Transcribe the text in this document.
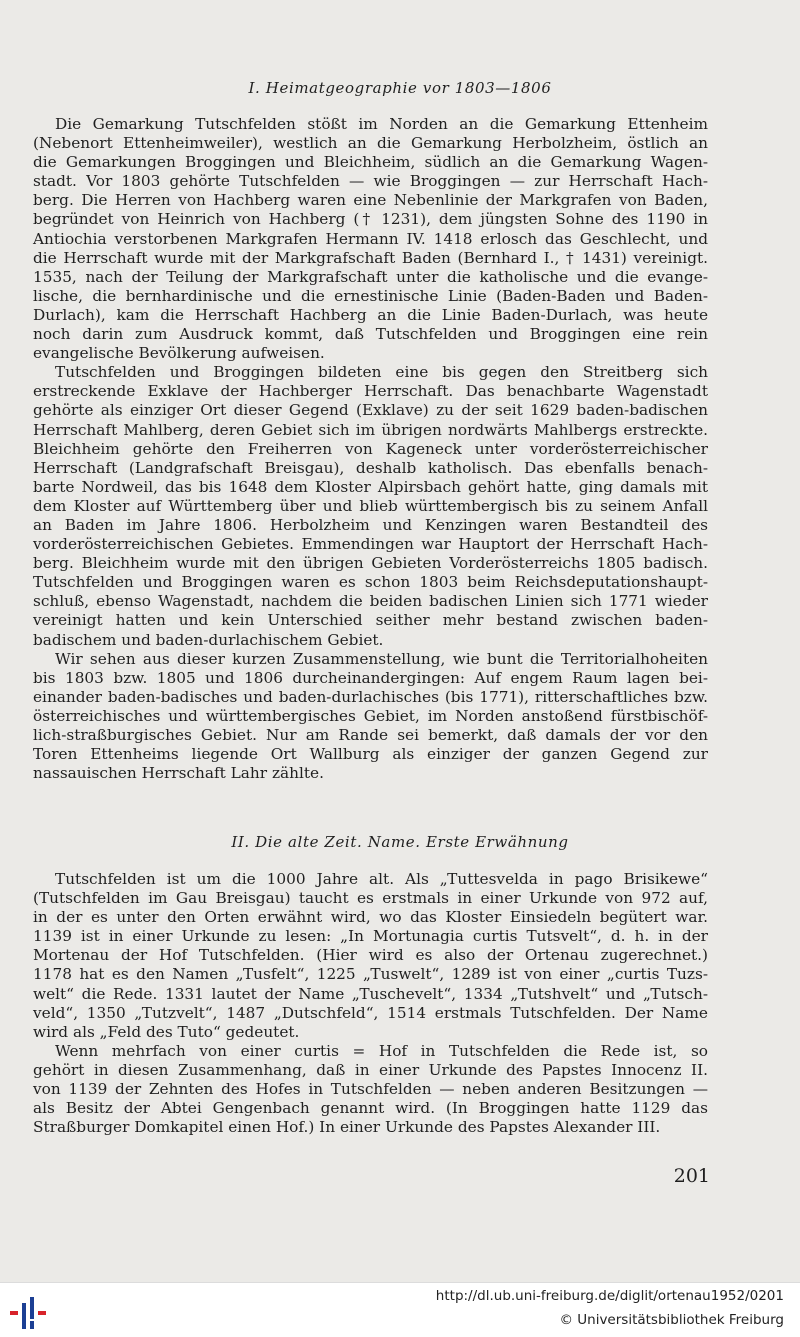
I. Heimatgeographie vor 1803—1806
Die Gemarkung Tutschfelden stößt im Norden an die Gemarkung Ettenheim
(Nebenort Ettenheimweiler), westlich an die Gemarkung Herbolzheim, östlich an
die Gemarkungen Broggingen und Bleichheim, südlich an die Gemarkung Wagen-
stadt. Vor 1803 gehörte Tutschfelden — wie Broggingen — zur Herrschaft Hach-
berg. Die Herren von Hachberg waren eine Nebenlinie der Markgrafen von Baden,
begründet von Heinrich von Hachberg († 1231), dem jüngsten Sohne des 1190 in
Antiochia verstorbenen Markgrafen Hermann IV. 1418 erlosch das Geschlecht, und
die Herrschaft wurde mit der Markgrafschaft Baden (Bernhard I., † 1431) vereinigt.
1535, nach der Teilung der Markgrafschaft unter die katholische und die evange-
lische, die bernhardinische und die ernestinische Linie (Baden-Baden und Baden-
Durlach), kam die Herrschaft Hachberg an die Linie Baden-Durlach, was heute
noch darin zum Ausdruck kommt, daß Tutschfelden und Broggingen eine rein
evangelische Bevölkerung aufweisen.
Tutschfelden und Broggingen bildeten eine bis gegen den Streitberg sich
erstreckende Exklave der Hachberger Herrschaft. Das benachbarte Wagenstadt
gehörte als einziger Ort dieser Gegend (Exklave) zu der seit 1629 baden-badischen
Herrschaft Mahlberg, deren Gebiet sich im übrigen nordwärts Mahlbergs erstreckte.
Bleichheim gehörte den Freiherren von Kageneck unter vorderösterreichischer
Herrschaft (Landgrafschaft Breisgau), deshalb katholisch. Das ebenfalls benach-
barte Nordweil, das bis 1648 dem Kloster Alpirsbach gehört hatte, ging damals mit
dem Kloster auf Württemberg über und blieb württembergisch bis zu seinem Anfall
an Baden im Jahre 1806. Herbolzheim und Kenzingen waren Bestandteil des
vorderösterreichischen Gebietes. Emmendingen war Hauptort der Herrschaft Hach-
berg. Bleichheim wurde mit den übrigen Gebieten Vorderösterreichs 1805 badisch.
Tutschfelden und Broggingen waren es schon 1803 beim Reichsdeputationshaupt-
schluß, ebenso Wagenstadt, nachdem die beiden badischen Linien sich 1771 wieder
vereinigt hatten und kein Unterschied seither mehr bestand zwischen baden-
badischem und baden-durlachischem Gebiet.
Wir sehen aus dieser kurzen Zusammenstellung, wie bunt die Territorialhoheiten
bis 1803 bzw. 1805 und 1806 durcheinandergingen: Auf engem Raum lagen bei-
einander baden-badisches und baden-durlachisches (bis 1771), ritterschaftliches bzw.
österreichisches und württembergisches Gebiet, im Norden anstoßend fürstbischöf-
lich-straßburgisches Gebiet. Nur am Rande sei bemerkt, daß damals der vor den
Toren Ettenheims liegende Ort Wallburg als einziger der ganzen Gegend zur
nassauischen Herrschaft Lahr zählte.
II. Die alte Zeit. Name. Erste Erwähnung
Tutschfelden ist um die 1000 Jahre alt. Als „Tuttesvelda in pago Brisikewe“
(Tutschfelden im Gau Breisgau) taucht es erstmals in einer Urkunde von 972 auf,
in der es unter den Orten erwähnt wird, wo das Kloster Einsiedeln begütert war.
1139 ist in einer Urkunde zu lesen: „In Mortunagia curtis Tutsvelt“, d. h. in der
Mortenau der Hof Tutschfelden. (Hier wird es also der Ortenau zugerechnet.)
1178 hat es den Namen „Tusfelt“, 1225 „Tuswelt“, 1289 ist von einer „curtis Tuzs-
welt“ die Rede. 1331 lautet der Name „Tuschevelt“, 1334 „Tutshvelt“ und „Tutsch-
veld“, 1350 „Tutzvelt“, 1487 „Dutschfeld“, 1514 erstmals Tutschfelden. Der Name
wird als „Feld des Tuto“ gedeutet.
Wenn mehrfach von einer curtis = Hof in Tutschfelden die Rede ist, so
gehört in diesen Zusammenhang, daß in einer Urkunde des Papstes Innocenz II.
von 1139 der Zehnten des Hofes in Tutschfelden — neben anderen Besitzungen —
als Besitz der Abtei Gengenbach genannt wird. (In Broggingen hatte 1129 das
Straßburger Domkapitel einen Hof.) In einer Urkunde des Papstes Alexander III.
201
http://dl.ub.uni-freiburg.de/diglit/ortenau1952/0201
© Universitätsbibliothek Freiburg
